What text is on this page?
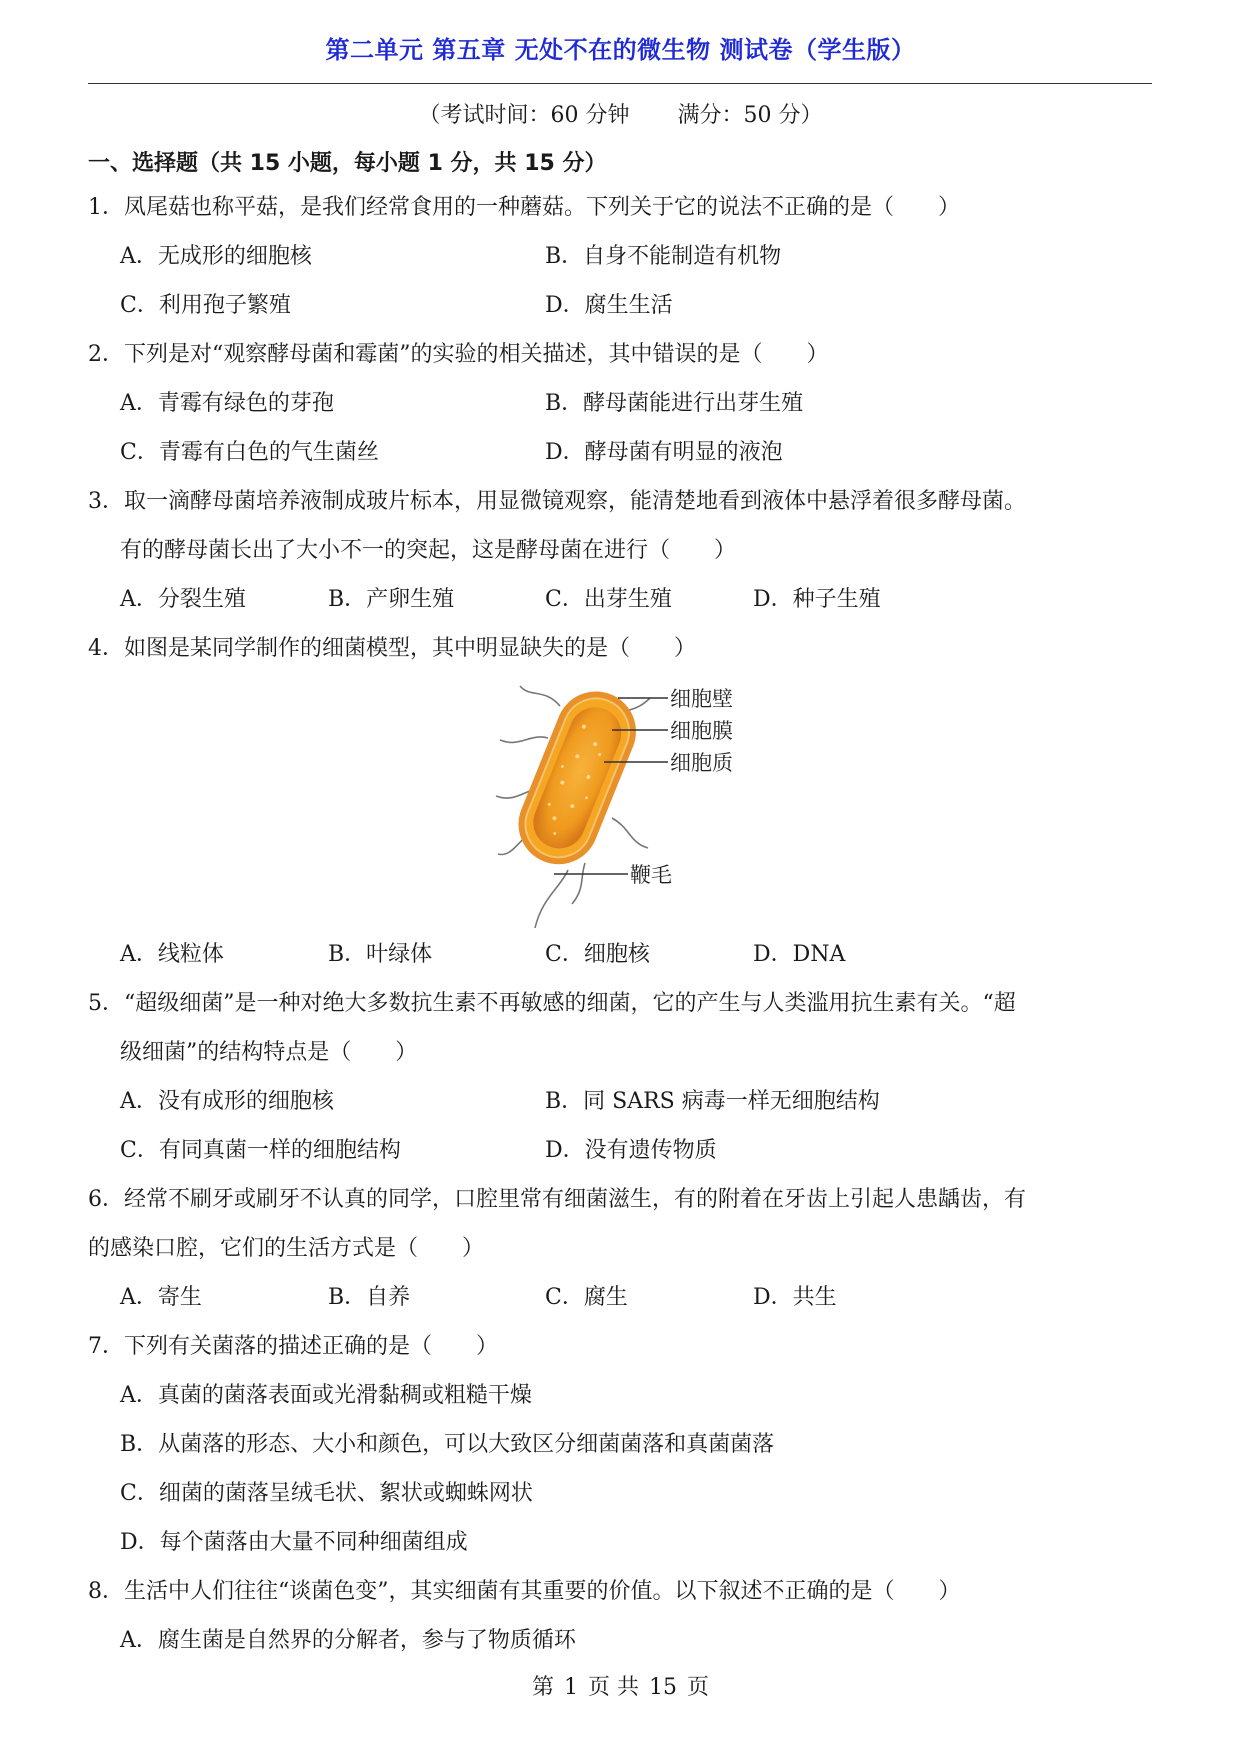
第二单元 第五章 无处不在的微生物 测试卷（学生版）
（考试时间：60 分钟 满分：50 分）
一、选择题（共 15 小题，每小题 1 分，共 15 分）
1．凤尾菇也称平菇，是我们经常食用的一种蘑菇。下列关于它的说法不正确的是（　　）
A．无成形的细胞核	B．自身不能制造有机物
C．利用孢子繁殖	D．腐生生活
2．下列是对“观察酵母菌和霉菌”的实验的相关描述，其中错误的是（　　）
A．青霉有绿色的芽孢	B．酵母菌能进行出芽生殖
C．青霉有白色的气生菌丝	D．酵母菌有明显的液泡
3．取一滴酵母菌培养液制成玻片标本，用显微镜观察，能清楚地看到液体中悬浮着很多酵母菌。
有的酵母菌长出了大小不一的突起，这是酵母菌在进行（　　）
A．分裂生殖	B．产卵生殖	C．出芽生殖	D．种子生殖
4．如图是某同学制作的细菌模型，其中明显缺失的是（　　）
细胞壁
细胞膜
细胞质
鞭毛
A．线粒体	B．叶绿体	C．细胞核	D．DNA
5．“超级细菌”是一种对绝大多数抗生素不再敏感的细菌，它的产生与人类滥用抗生素有关。“超
级细菌”的结构特点是（　　）
A．没有成形的细胞核	B．同 SARS 病毒一样无细胞结构
C．有同真菌一样的细胞结构	D．没有遗传物质
6．经常不刷牙或刷牙不认真的同学，口腔里常有细菌滋生，有的附着在牙齿上引起人患龋齿，有
的感染口腔，它们的生活方式是（　　）
A．寄生	B．自养	C．腐生	D．共生
7．下列有关菌落的描述正确的是（　　）
A．真菌的菌落表面或光滑黏稠或粗糙干燥
B．从菌落的形态、大小和颜色，可以大致区分细菌菌落和真菌菌落
C．细菌的菌落呈绒毛状、絮状或蜘蛛网状
D．每个菌落由大量不同种细菌组成
8．生活中人们往往“谈菌色变”，其实细菌有其重要的价值。以下叙述不正确的是（　　）
A．腐生菌是自然界的分解者，参与了物质循环
第 1 页 共 15 页
